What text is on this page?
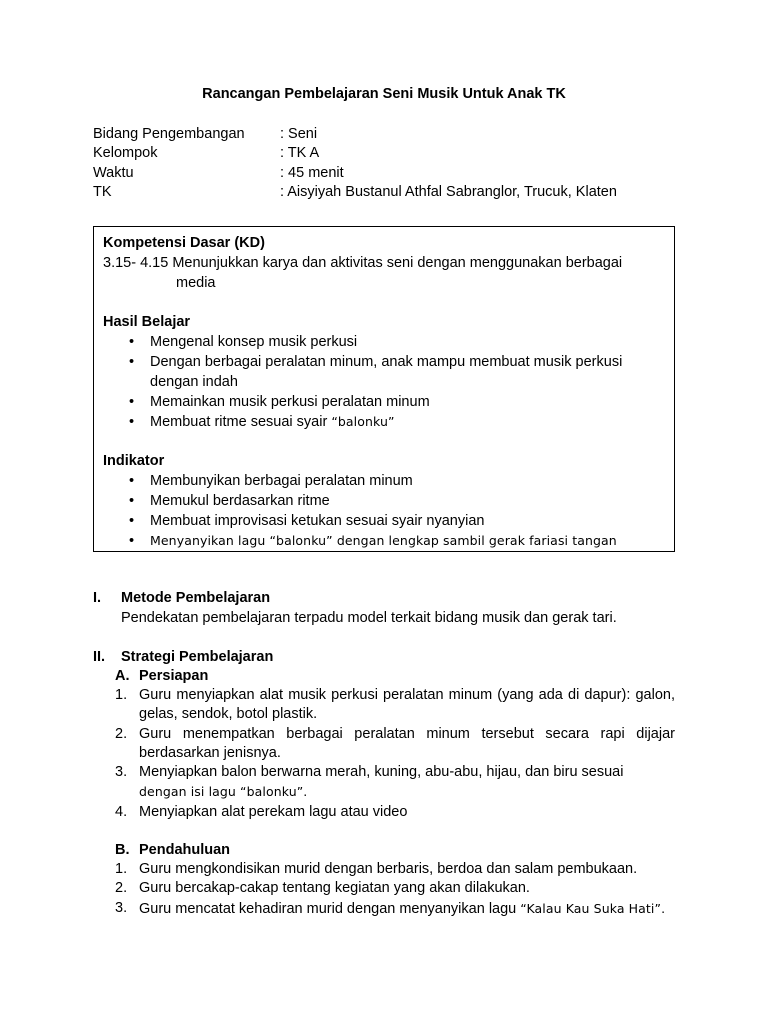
Rancangan Pembelajaran Seni Musik Untuk Anak TK
Bidang Pengembangan : Seni
Kelompok	: TK A
Waktu	: 45 menit
TK	: Aisyiyah Bustanul Athfal Sabranglor, Trucuk, Klaten
Kompetensi Dasar (KD)
3.15- 4.15 Menunjukkan karya dan aktivitas seni dengan menggunakan berbagai
media
Hasil Belajar
• Mengenal konsep musik perkusi
• Dengan berbagai peralatan minum, anak mampu membuat musik perkusi
dengan indah
• Memainkan musik perkusi peralatan minum
• Membuat ritme sesuai syair “balonku”
Indikator
• Membunyikan berbagai peralatan minum
• Memukul berdasarkan ritme
• Membuat improvisasi ketukan sesuai syair nyanyian
• Menyanyikan lagu “balonku” dengan lengkap sambil gerak fariasi tangan
I. Metode Pembelajaran
Pendekatan pembelajaran terpadu model terkait bidang musik dan gerak tari.
II. Strategi Pembelajaran
A. Persiapan
1. Guru menyiapkan alat musik perkusi peralatan minum (yang ada di dapur): galon, gelas, sendok, botol plastik.
2. Guru menempatkan berbagai peralatan minum tersebut secara rapi dijajar berdasarkan jenisnya.
3. Menyiapkan balon berwarna merah, kuning, abu-abu, hijau, dan biru sesuai
dengan isi lagu “balonku”.
4. Menyiapkan alat perekam lagu atau video
B. Pendahuluan
1. Guru mengkondisikan murid dengan berbaris, berdoa dan salam pembukaan.
2. Guru bercakap-cakap tentang kegiatan yang akan dilakukan.
3. Guru mencatat kehadiran murid dengan menyanyikan lagu “Kalau Kau Suka Hati”.
